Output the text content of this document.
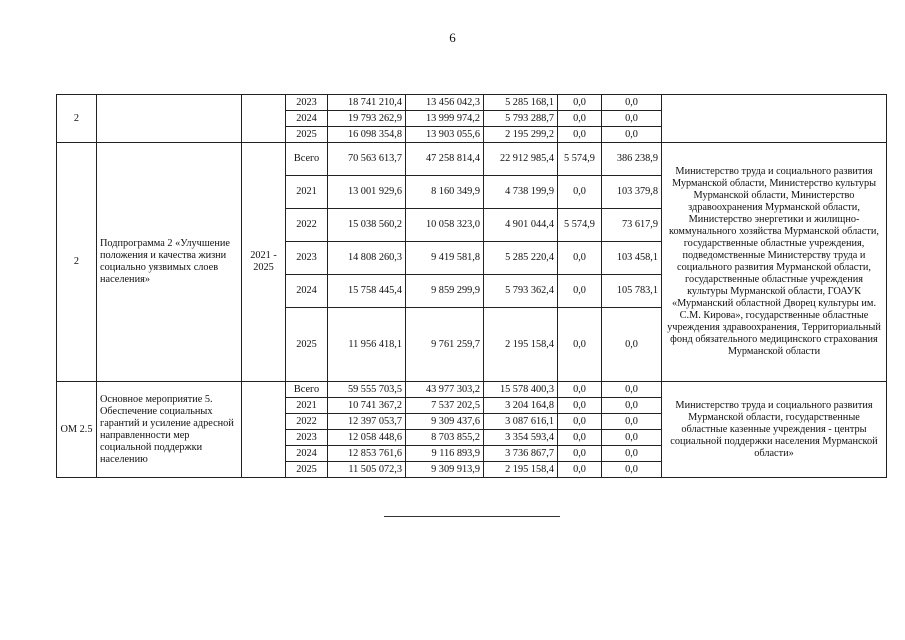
6
2			2023	18 741 210,4	13 456 042,3	5 285 168,1	0,0	0,0	
			2024	19 793 262,9	13 999 974,2	5 793 288,7	0,0	0,0	
			2025	16 098 354,8	13 903 055,6	2 195 299,2	0,0	0,0	
2	Подпрограмма 2 «Улучшение положения и качества жизни социально уязвимых слоев населения»	2021 - 2025	Всего	70 563 613,7	47 258 814,4	22 912 985,4	5 574,9	386 238,9	Министерство труда и социального развития Мурманской области, Министерство культуры Мурманской области, Министерство здравоохранения Мурманской области, Министерство энергетики и жилищно-коммунального хозяйства Мурманской области, государственные областные учреждения, подведомственные Министерству труда и социального развития Мурманской области, государственные областные учреждения культуры Мурманской области, ГОАУК «Мурманский областной Дворец культуры им. С.М. Кирова», государственные областные учреждения здравоохранения, Территориальный фонд обязательного медицинского страхования Мурманской области
			2021	13 001 929,6	8 160 349,9	4 738 199,9	0,0	103 379,8	
			2022	15 038 560,2	10 058 323,0	4 901 044,4	5 574,9	73 617,9	
			2023	14 808 260,3	9 419 581,8	5 285 220,4	0,0	103 458,1	
			2024	15 758 445,4	9 859 299,9	5 793 362,4	0,0	105 783,1	
			2025	11 956 418,1	9 761 259,7	2 195 158,4	0,0	0,0	
ОМ 2.5	Основное мероприятие 5. Обеспечение социальных гарантий и усиление адресной направленности мер социальной поддержки населению		Всего	59 555 703,5	43 977 303,2	15 578 400,3	0,0	0,0	Министерство труда и социального развития Мурманской области, государственные областные казенные учреждения - центры социальной поддержки населения Мурманской области»
			2021	10 741 367,2	7 537 202,5	3 204 164,8	0,0	0,0	
			2022	12 397 053,7	9 309 437,6	3 087 616,1	0,0	0,0	
			2023	12 058 448,6	8 703 855,2	3 354 593,4	0,0	0,0	
			2024	12 853 761,6	9 116 893,9	3 736 867,7	0,0	0,0	
			2025	11 505 072,3	9 309 913,9	2 195 158,4	0,0	0,0	
